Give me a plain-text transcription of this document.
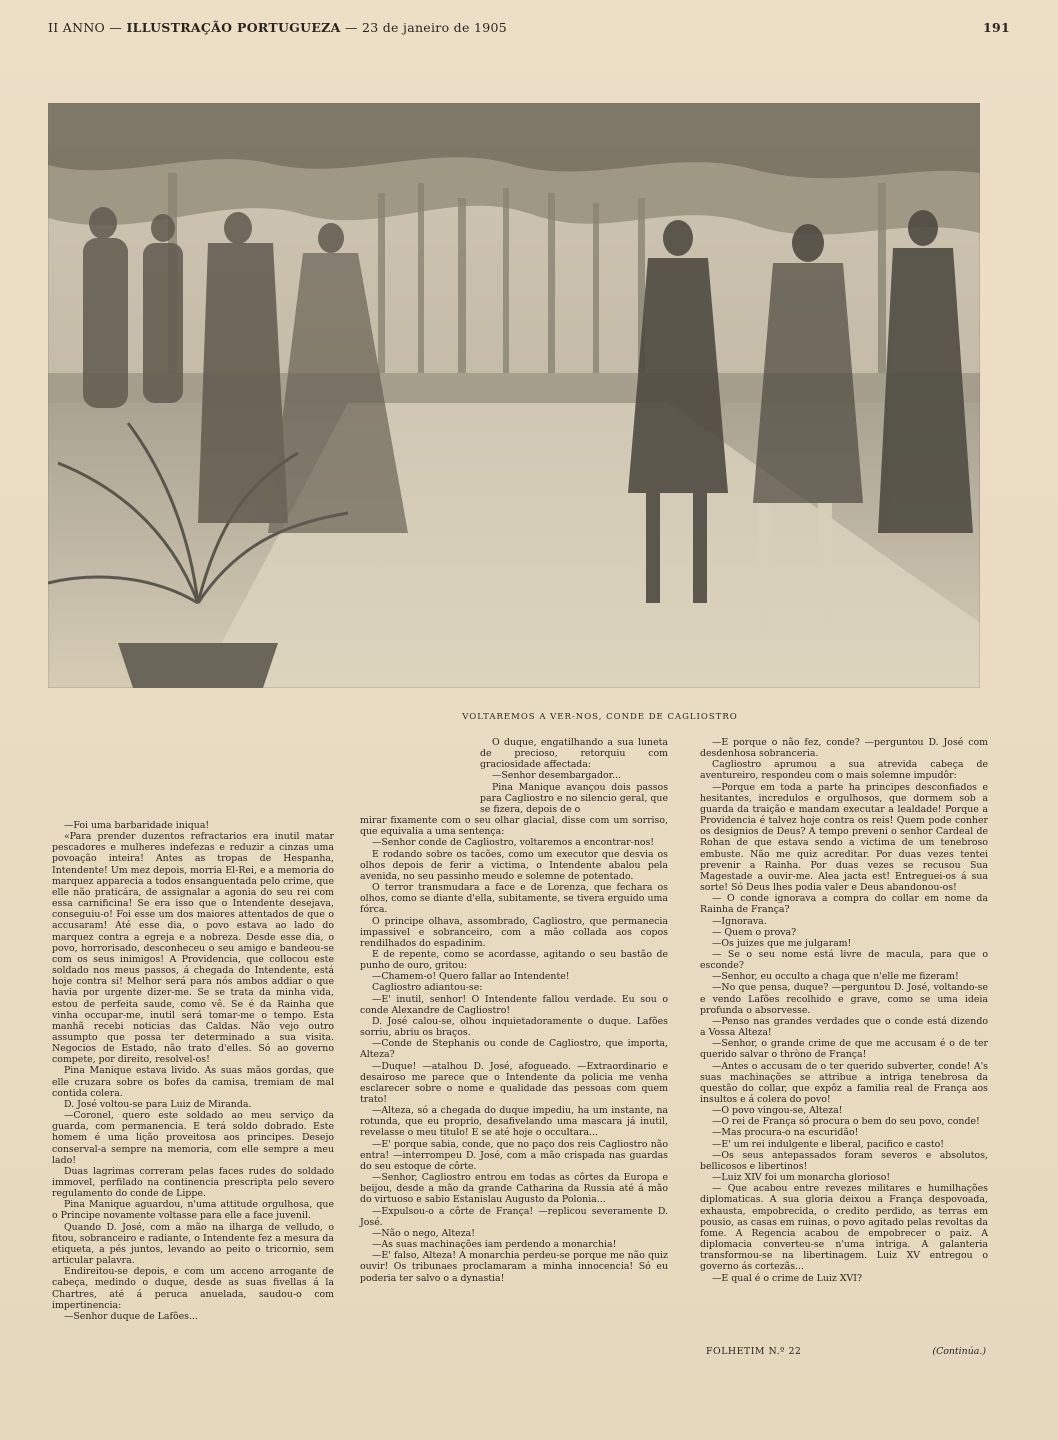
II ANNO — ILLUSTRAÇÃO PORTUGUEZA — 23 de janeiro de 1905	191
VOLTAREMOS A VER-NOS, CONDE DE CAGLIOSTRO

—Foi uma barbaridade iniqua!

«Para prender duzentos refractarios era inutil matar pescadores e mulheres indefezas e reduzir a cinzas uma povoação inteira! Antes as tropas de Hespanha, Intendente! Um mez depois, morria El-Rei, e a memoria do marquez apparecia a todos ensanguentada pelo crime, que elle não praticára, de assignalar a agonia do seu rei com essa carnificina! Se era isso que o Intendente desejava, conseguiu-o! Foi esse um dos maiores attentados de que o accusaram! Até esse dia, o povo estava ao lado do marquez contra a egreja e a nobreza. Desde esse dia, o povo, horrorisado, desconheceu o seu amigo e bandeou-se com os seus inimigos! A Providencia, que collocou este soldado nos meus passos, á chegada do Intendente, está hoje contra si! Melhor será para nós ambos addiar o que havia por urgente dizer-me. Se se trata da minha vida, estou de perfeita saude, como vê. Se é da Rainha que vinha occupar-me, inutil será tomar-me o tempo. Esta manhã recebi noticias das Caldas. Não vejo outro assumpto que possa ter determinado a sua visita. Negocios de Estado, não trato d'elles. Só ao governo compete, por direito, resolvel-os!

Pina Manique estava livido. As suas mãos gordas, que elle cruzara sobre os bofes da camisa, tremiam de mal contida colera.

D. José voltou-se para Luiz de Miranda.

—Coronel, quero este soldado ao meu serviço da guarda, com permanencia. E terá soldo dobrado. Este homem é uma lição proveitosa aos principes. Desejo conserval-a sempre na memoria, com elle sempre a meu lado!

Duas lagrimas correram pelas faces rudes do soldado immovel, perfilado na continencia prescripta pelo severo regulamento do conde de Lippe.

Pina Manique aguardou, n'uma attitude orgulhosa, que o Principe novamente voltasse para elle a face juvenil.

Quando D. José, com a mão na ilharga de velludo, o fitou, sobranceiro e radiante, o Intendente fez a mesura da etiqueta, a pés juntos, levando ao peito o tricornio, sem articular palavra.

Endireitou-se depois, e com um acceno arrogante de cabeça, medindo o duque, desde as suas fivellas á la Chartres, até á peruca anuelada, saudou-o com impertinencia:

—Senhor duque de Lafões...

O duque, engatilhando a sua luneta de precioso, retorquiu com graciosidade affectada:

—Senhor desembargador...

Pina Manique avançou dois passos para Cagliostro e no silencio geral, que se fizera, depois de o

mirar fixamente com o seu olhar glacial, disse com um sorriso, que equivalia a uma sentença:

—Senhor conde de Cagliostro, voltaremos a encontrar-nos!

E rodando sobre os tacões, como um executor que desvia os olhos depois de ferir a victima, o Intendente abalou pela avenida, no seu passinho meudo e solemne de potentado.

O terror transmudara a face e de Lorenza, que fechara os olhos, como se diante d'ella, subitamente, se tivera erguido uma fórca.

O principe olhava, assombrado, Cagliostro, que permanecia impassivel e sobranceiro, com a mão collada aos copos rendilhados do espadinim.

E de repente, como se acordasse, agitando o seu bastão de punho de ouro, gritou:

—Chamem-o! Quero fallar ao Intendente!

Cagliostro adiantou-se:

—E' inutil, senhor! O Intendente fallou verdade. Eu sou o conde Alexandre de Cagliostro!

D. José calou-se, olhou inquietadoramente o duque. Lafões sorriu, abriu os braços.

—Conde de Stephanis ou conde de Cagliostro, que importa, Alteza?

—Duque! —atalhou D. José, afogueado. —Extraordinario e desairoso me parece que o Intendente da policia me venha esclarecer sobre o nome e qualidade das pessoas com quem trato!

—Alteza, só a chegada do duque impediu, ha um instante, na rotunda, que eu proprio, desafivelando uma mascara já inutil, revelasse o meu titulo! E se até hoje o occultara...

—E' porque sabia, conde, que no paço dos reis Cagliostro não entra! —interrompeu D. José, com a mão crispada nas guardas do seu estoque de côrte.

—Senhor, Cagliostro entrou em todas as côrtes da Europa e beijou, desde a mão da grande Catharina da Russia até á mão do virtuoso e sabio Estanislau Augusto da Polonia...

—Expulsou-o a côrte de França! —replicou severamente D. José.

—Não o nego, Alteza!

—As suas machinações iam perdendo a monarchia!

—E' falso, Alteza! A monarchia perdeu-se porque me não quiz ouvir! Os tribunaes proclamaram a minha innocencia! Só eu poderia ter salvo o a dynastia!

—E porque o não fez, conde? —perguntou D. José com desdenhosa sobranceria.

Cagliostro aprumou a sua atrevida cabeça de aventureiro, respondeu com o mais solemne impudôr:

—Porque em toda a parte ha principes desconfiados e hesitantes, incredulos e orgulhosos, que dormem sob a guarda da traição e mandam executar a lealdade! Porque a Providencia é talvez hoje contra os reis! Quem pode conher os designios de Deus? A tempo preveni o senhor Cardeal de Rohan de que estava sendo a victima de um tenebroso embuste. Não me quiz acreditar. Por duas vezes tentei prevenir a Rainha. Por duas vezes se recusou Sua Magestade a ouvir-me. Alea jacta est! Entreguei-os á sua sorte! Só Deus lhes podia valer e Deus abandonou-os!

— O conde ignorava a compra do collar em nome da Rainha de França?

—Ignorava.

— Quem o prova?

—Os juizes que me julgaram!

— Se o seu nome está livre de macula, para que o esconde?

—Senhor, eu occulto a chaga que n'elle me fizeram!

—No que pensa, duque? —perguntou D. José, voltando-se e vendo Lafões recolhido e grave, como se uma ideia profunda o absorvesse.

—Penso nas grandes verdades que o conde está dizendo a Vossa Alteza!

—Senhor, o grande crime de que me accusam é o de ter querido salvar o thròno de França!

—Antes o accusam de o ter querido subverter, conde! A's suas machinações se attribue a intriga tenebrosa da questão do collar, que expôz a familia real de França aos insultos e á colera do povo!

—O povo vingou-se, Alteza!

—O rei de França só procura o bem do seu povo, conde!

—Mas procura-o na escuridão!

—E' um rei indulgente e liberal, pacifico e casto!

—Os seus antepassados foram severos e absolutos, bellicosos e libertinos!

—Luiz XIV foi um monarcha glorioso!

— Que acabou entre revezes militares e humilhações diplomaticas. A sua gloria deixou a França despovoada, exhausta, empobrecida, o credito perdido, as terras em pousio, as casas em ruinas, o povo agitado pelas revoltas da fome. A Regencia acabou de empobrecer o paiz. A diplomacia converteu-se n'uma intriga. A galanteria transformou-se na libertinagem. Luiz XV entregou o governo ás cortezãs...

—E qual é o crime de Luiz XVI?

FOLHETIM N.º 22	(Continúa.)
